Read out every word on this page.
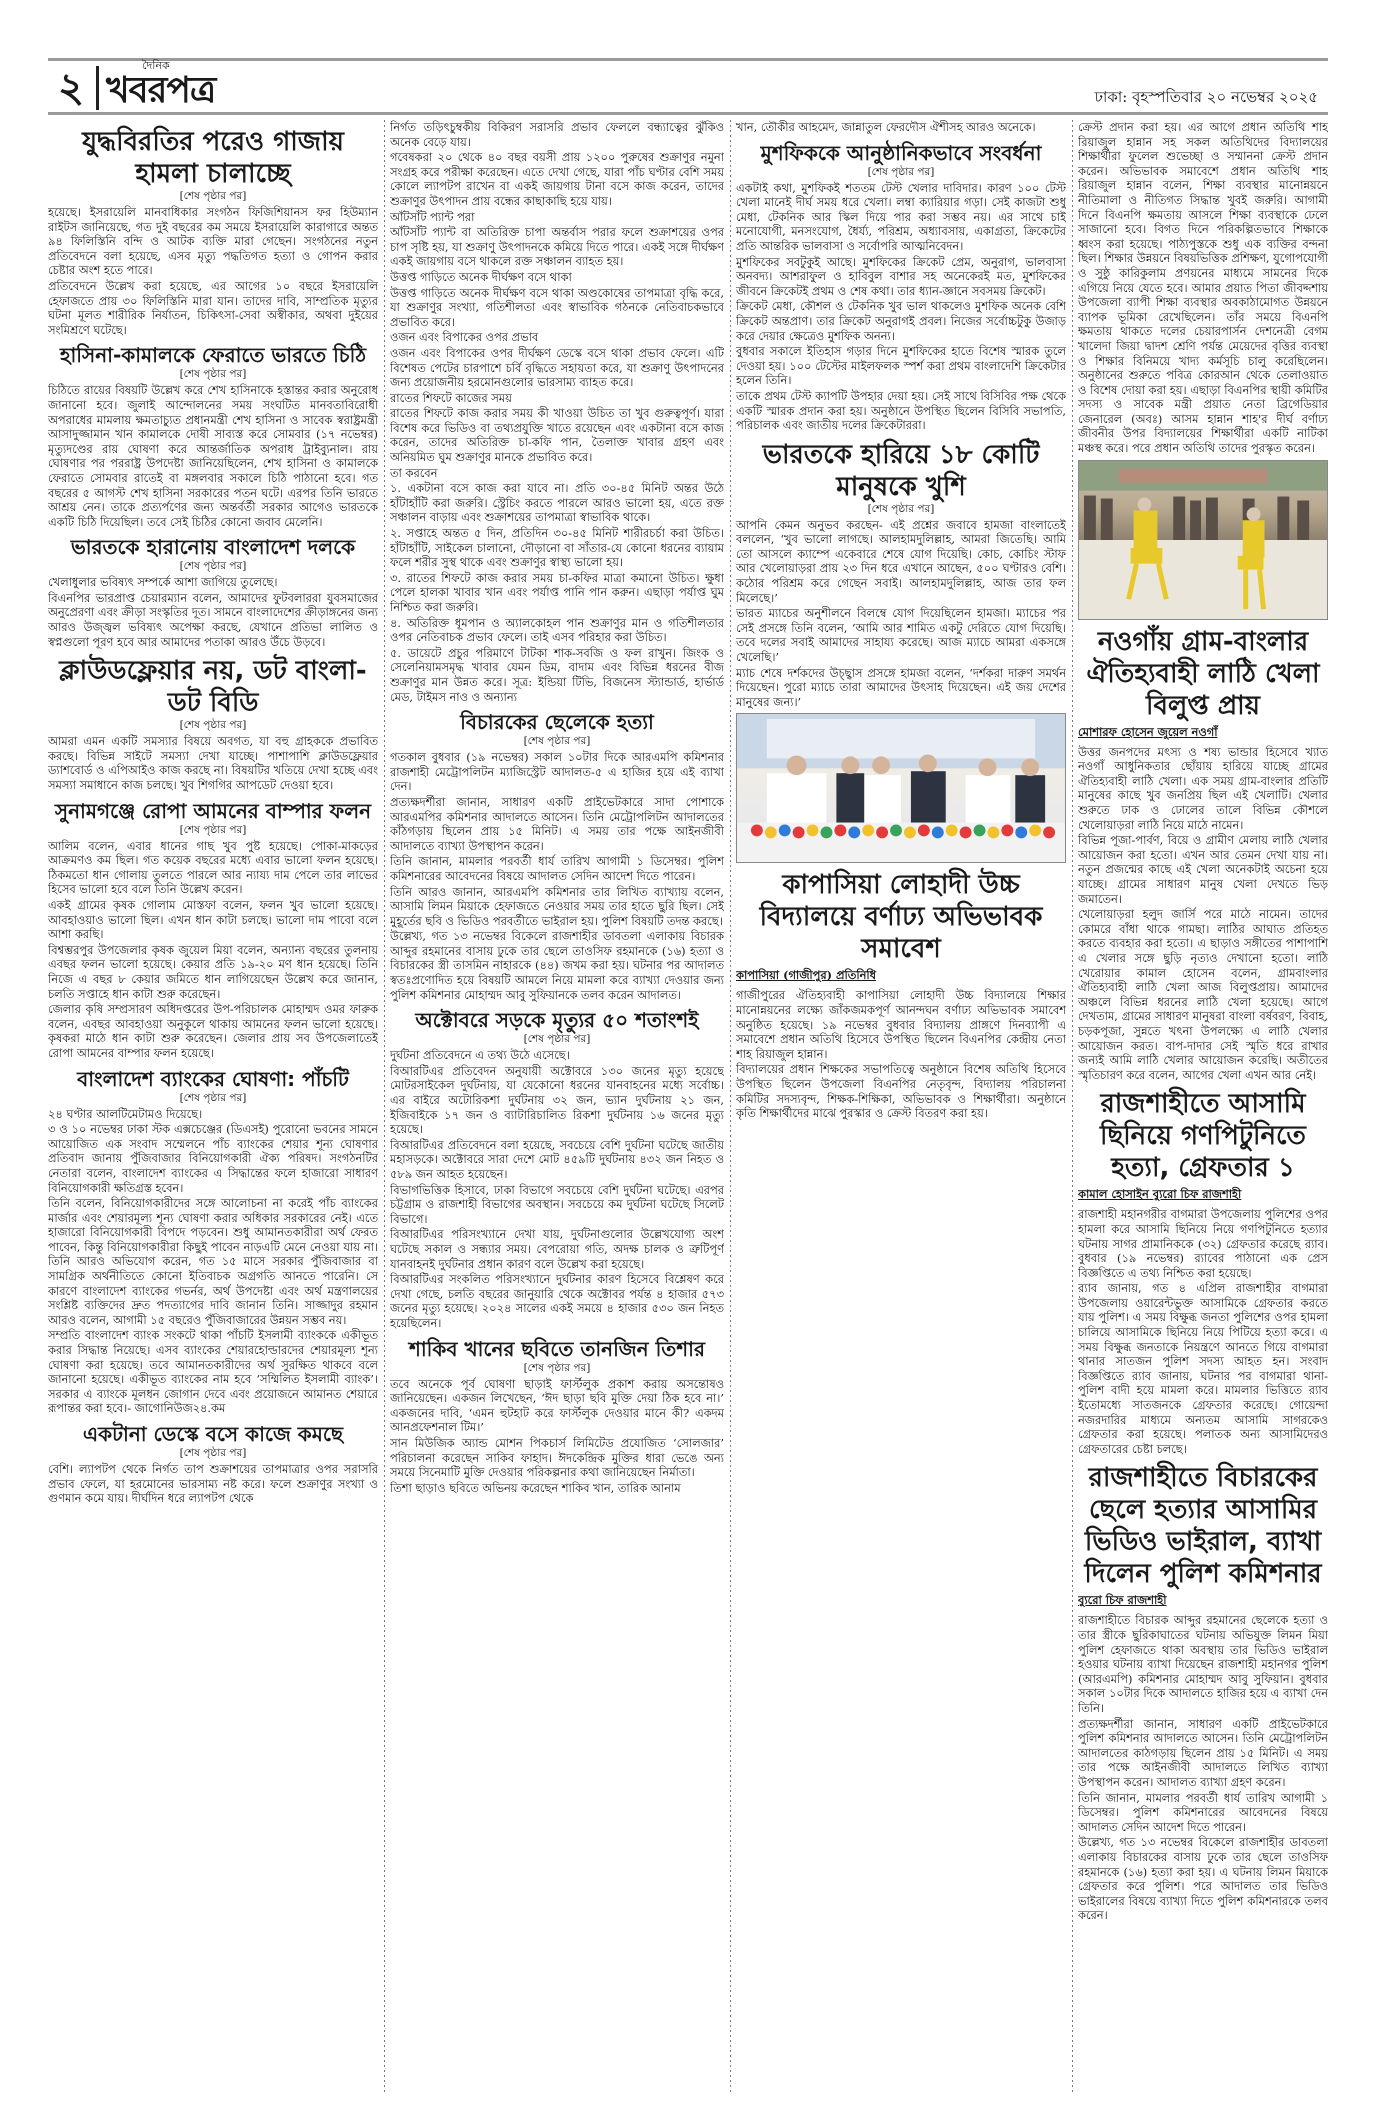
২	দৈনিক
খবরপত্র	ঢাকা: বৃহস্পতিবার ২০ নভেম্বর ২০২৫
যুদ্ধবিরতির পরেও গাজায় হামলা চালাচ্ছে
[শেষ পৃষ্ঠার পর]

হয়েছে। ইসরায়েলি মানবাধিকার সংগঠন ফিজিশিয়ানস ফর হিউম্যান রাইটস জানিয়েছে, গত দুই বছরের কম সময়ে ইসরায়েলি কারাগারে অন্তত ৯৪ ফিলিস্তিনি বন্দি ও আটক ব্যক্তি মারা গেছেন। সংগঠনের নতুন প্রতিবেদনে বলা হয়েছে, এসব মৃত্যু পদ্ধতিগত হত্যা ও গোপন করার চেষ্টার অংশ হতে পারে।

প্রতিবেদনে উল্লেখ করা হয়েছে, এর আগের ১০ বছরে ইসরায়েলি হেফাজতে প্রায় ৩০ ফিলিস্তিনি মারা যান। তাদের দাবি, সাম্প্রতিক মৃত্যুর ঘটনা মূলত শারীরিক নির্যাতন, চিকিৎসা-সেবা অস্বীকার, অথবা দুইয়ের সংমিশ্রণে ঘটেছে।

হাসিনা-কামালকে ফেরাতে ভারতে চিঠি
[শেষ পৃষ্ঠার পর]

চিঠিতে রায়ের বিষয়টি উল্লেখ করে শেখ হাসিনাকে হস্তান্তর করার অনুরোধ জানানো হবে। জুলাই আন্দোলনের সময় সংঘটিত মানবতাবিরোধী অপরাধের মামলায় ক্ষমতাচ্যুত প্রধানমন্ত্রী শেখ হাসিনা ও সাবেক স্বরাষ্ট্রমন্ত্রী আসাদুজ্জামান খান কামালকে দোষী সাব্যস্ত করে সোমবার (১৭ নভেম্বর) মৃত্যুদণ্ডের রায় ঘোষণা করে আন্তর্জাতিক অপরাধ ট্রাইব্যুনাল। রায় ঘোষণার পর পররাষ্ট্র উপদেষ্টা জানিয়েছিলেন, শেখ হাসিনা ও কামালকে ফেরাতে সোমবার রাতেই বা মঙ্গলবার সকালে চিঠি পাঠানো হবে। গত বছরের ৫ আগস্ট শেখ হাসিনা সরকারের পতন ঘটে। এরপর তিনি ভারতে আশ্রয় নেন। তাকে প্রত্যর্পণের জন্য অন্তর্বর্তী সরকার আগেও ভারতকে একটি চিঠি দিয়েছিল। তবে সেই চিঠির কোনো জবাব মেলেনি।

ভারতকে হারানোয় বাংলাদেশ দলকে
[শেষ পৃষ্ঠার পর]

খেলাধুলার ভবিষ্যৎ সম্পর্কে আশা জাগিয়ে তুলেছে।

বিএনপির ভারপ্রাপ্ত চেয়ারম্যান বলেন, আমাদের ফুটবলাররা যুবসমাজের অনুপ্রেরণা এবং ক্রীড়া সংস্কৃতির দূত। সামনে বাংলাদেশের ক্রীড়াঙ্গনের জন্য আরও উজ্জ্বল ভবিষ্যৎ অপেক্ষা করছে, যেখানে প্রতিভা লালিত ও স্বপ্নগুলো পূরণ হবে আর আমাদের পতাকা আরও উঁচে উড়বে।

ক্লাউডফ্লেয়ার নয়, ডট বাংলা-ডট বিডি
[শেষ পৃষ্ঠার পর]

আমরা এমন একটি সমস্যার বিষয়ে অবগত, যা বহু গ্রাহককে প্রভাবিত করছে। বিভিন্ন সাইটে সমস্যা দেখা যাচ্ছে। পাশাপাশি ক্লাউডফ্লেয়ার ড্যাশবোর্ড ও এপিআইও কাজ করছে না। বিষয়টির খতিয়ে দেখা হচ্ছে এবং সমস্যা সমাধানে কাজ চলছে। খুব শিগগির আপডেট দেওয়া হবে।

সুনামগঞ্জে রোপা আমনের বাম্পার ফলন
[শেষ পৃষ্ঠার পর]

আলিম বলেন, এবার ধানের গাছ খুব পুষ্ট হয়েছে। পোকা-মাকড়ের আক্রমণও কম ছিল। গত কয়েক বছরের মধ্যে এবার ভালো ফলন হয়েছে। ঠিকমতো ধান গোলায় তুলতে পারলে আর ন্যায্য দাম পেলে তার লাভের হিসেব ভালো হবে বলে তিনি উল্লেখ করেন।

একই গ্রামের কৃষক গোলাম মোস্তফা বলেন, ফলন খুব ভালো হয়েছে। আবহাওয়াও ভালো ছিল। এখন ধান কাটা চলছে। ভালো দাম পাবো বলে আশা করছি।

বিশ্বম্ভরপুর উপজেলার কৃষক জুয়েল মিয়া বলেন, অন্যান্য বছরের তুলনায় এবছর ফলন ভালো হয়েছে। কেয়ার প্রতি ১৯-২০ মণ ধান হয়েছে। তিনি নিজে এ বছর ৮ কেয়ার জমিতে ধান লাগিয়েছেন উল্লেখ করে জানান, চলতি সপ্তাহে ধান কাটা শুরু করেছেন।

জেলার কৃষি সম্প্রসারণ অধিদপ্তরের উপ-পরিচালক মোহাম্মদ ওমর ফারুক বলেন, এবছর আবহাওয়া অনুকূলে থাকায় আমনের ফলন ভালো হয়েছে। কৃষকরা মাঠে ধান কাটা শুরু করেছেন। জেলার প্রায় সব উপজেলাতেই রোপা আমনের বাম্পার ফলন হয়েছে।

বাংলাদেশ ব্যাংকের ঘোষণা: পাঁচটি
[শেষ পৃষ্ঠার পর]

২৪ ঘণ্টার আলটিমেটামও দিয়েছে।

৩ ও ১০ নভেম্বর ঢাকা স্টক এক্সচেঞ্জের (ডিএসই) পুরোনো ভবনের সামনে আয়োজিত এক সংবাদ সম্মেলনে পাঁচ ব্যাংকের শেয়ার শূন্য ঘোষণার প্রতিবাদ জানায় পুঁজিবাজার বিনিয়োগকারী ঐক্য পরিষদ। সংগঠনটির নেতারা বলেন, বাংলাদেশ ব্যাংকের এ সিদ্ধান্তের ফলে হাজারো সাধারণ বিনিয়োগকারী ক্ষতিগ্রস্ত হবেন।

তিনি বলেন, বিনিয়োগকারীদের সঙ্গে আলোচনা না করেই পাঁচ ব্যাংকের মার্জার এবং শেয়ারমূল্য শূন্য ঘোষণা করার অধিকার সরকারের নেই। এতে হাজারো বিনিয়োগকারী বিপদে পড়বেন। শুধু আমানতকারীরা অর্থ ফেরত পাবেন, কিন্তু বিনিয়োগকারীরা কিছুই পাবেন নাড়এটি মেনে নেওয়া যায় না। তিনি আরও অভিযোগ করেন, গত ১৫ মাসে সরকার পুঁজিবাজার বা সামগ্রিক অর্থনীতিতে কোনো ইতিবাচক অগ্রগতি আনতে পারেনি। সে কারণে বাংলাদেশ ব্যাংকের গভর্নর, অর্থ উপদেষ্টা এবং অর্থ মন্ত্রণালয়ের সংশ্লিষ্ট ব্যক্তিদের দ্রুত পদত্যাগের দাবি জানান তিনি। সাজ্জাদুর রহমান আরও বলেন, আগামী ১৫ বছরেও পুঁজিবাজারের উন্নয়ন সম্ভব নয়।

সম্প্রতি বাংলাদেশ ব্যাংক সংকটে থাকা পাঁচটি ইসলামী ব্যাংককে একীভূত করার সিদ্ধান্ত নিয়েছে। এসব ব্যাংকের শেয়ারহোল্ডারদের শেয়ারমূল্য শূন্য ঘোষণা করা হয়েছে। তবে আমানতকারীদের অর্থ সুরক্ষিত থাকবে বলে জানানো হয়েছে। একীভূত ব্যাংকের নাম হবে ‘সম্মিলিত ইসলামী ব্যাংক’। সরকার এ ব্যাংকে মূলধন জোগান দেবে এবং প্রয়োজনে আমানত শেয়ারে রূপান্তর করা হবে।- জাগোনিউজ২৪.কম

একটানা ডেস্কে বসে কাজে কমছে
[শেষ পৃষ্ঠার পর]

বেশি। ল্যাপটপ থেকে নির্গত তাপ শুক্রাশয়ের তাপমাত্রার ওপর সরাসরি প্রভাব ফেলে, যা হরমোনের ভারসাম্য নষ্ট করে। ফলে শুক্রাণুর সংখ্যা ও গুণমান কমে যায়। দীর্ঘদিন ধরে ল্যাপটপ থেকে

নির্গত তড়িৎচুম্বকীয় বিকিরণ সরাসরি প্রভাব ফেললে বন্ধ্যাত্বের ঝুঁকিও অনেক বেড়ে যায়।

গবেষকরা ২০ থেকে ৪০ বছর বয়সী প্রায় ১২০০ পুরুষের শুক্রাণুর নমুনা সংগ্রহ করে পরীক্ষা করেছেন। এতে দেখা গেছে, যারা পাঁচ ঘণ্টার বেশি সময় কোলে ল্যাপটপ রাখেন বা একই জায়গায় টানা বসে কাজ করেন, তাদের শুক্রাণুর উৎপাদন প্রায় বন্ধের কাছাকাছি হয়ে যায়।

আঁটসাঁট প্যান্ট পরা

আঁটসাঁট প্যান্ট বা অতিরিক্ত চাপা অন্তর্বাস পরার ফলে শুক্রাশয়ের ওপর চাপ সৃষ্টি হয়, যা শুক্রাণু উৎপাদনকে কমিয়ে দিতে পারে। একই সঙ্গে দীর্ঘক্ষণ একই জায়গায় বসে থাকলে রক্ত সঞ্চালন ব্যাহত হয়।

উত্তপ্ত গাড়িতে অনেক দীর্ঘক্ষণ বসে থাকা

উত্তপ্ত গাড়িতে অনেক দীর্ঘক্ষণ বসে থাকা অণ্ডকোষের তাপমাত্রা বৃদ্ধি করে, যা শুক্রাণুর সংখ্যা, গতিশীলতা এবং স্বাভাবিক গঠনকে নেতিবাচকভাবে প্রভাবিত করে।

ওজন এবং বিপাকের ওপর প্রভাব

ওজন এবং বিপাকের ওপর দীর্ঘক্ষণ ডেস্কে বসে থাকা প্রভাব ফেলে। এটি বিশেষত পেটের চারপাশে চর্বি বৃদ্ধিতে সহায়তা করে, যা শুক্রাণু উৎপাদনের জন্য প্রয়োজনীয় হরমোনগুলোর ভারসাম্য ব্যাহত করে।

রাতের শিফটে কাজের সময়

রাতের শিফটে কাজ করার সময় কী খাওয়া উচিত তা খুব গুরুত্বপূর্ণ। যারা বিশেষ করে ভিডিও বা তথ্যপ্রযুক্তি খাতে রয়েছেন এবং একটানা বসে কাজ করেন, তাদের অতিরিক্ত চা-কফি পান, তৈলাক্ত খাবার গ্রহণ এবং অনিয়মিত ঘুম শুক্রাণুর মানকে প্রভাবিত করে।

তা করবেন

১. একটানা বসে কাজ করা যাবে না। প্রতি ৩০-৪৫ মিনিট অন্তর উঠে হাঁটাহাঁটি করা জরুরি। স্ট্রেচিং করতে পারলে আরও ভালো হয়, এতে রক্ত সঞ্চালন বাড়ায় এবং শুক্রাশয়ের তাপমাত্রা স্বাভাবিক থাকে।

২. সপ্তাহে অন্তত ৫ দিন, প্রতিদিন ৩০-৪৫ মিনিট শারীরচর্চা করা উচিত। হাঁটাহাঁটি, সাইকেল চালানো, দৌড়ানো বা সাঁতার-যে কোনো ধরনের ব্যায়াম ফলে শরীর সুস্থ থাকে এবং শুক্রাণুর স্বাস্থ্য ভালো হয়।

৩. রাতের শিফটে কাজ করার সময় চা-কফির মাত্রা কমানো উচিত। ক্ষুধা পেলে হালকা খাবার খান এবং পর্যাপ্ত পানি পান করুন। এছাড়া পর্যাপ্ত ঘুম নিশ্চিত করা জরুরি।

৪. অতিরিক্ত ধূমপান ও অ্যালকোহল পান শুক্রাণুর মান ও গতিশীলতার ওপর নেতিবাচক প্রভাব ফেলে। তাই এসব পরিহার করা উচিত।

৫. ডায়েটে প্রচুর পরিমাণে টাটকা শাক-সবজি ও ফল রাখুন। জিংক ও সেলেনিয়ামসমৃদ্ধ খাবার যেমন ডিম, বাদাম এবং বিভিন্ন ধরনের বীজ শুক্রাণুর মান উন্নত করে। সূত্র: ইন্ডিয়া টিভি, বিজনেস স্ট্যান্ডার্ড, হার্ভার্ড মেড, টাইমস নাও ও অন্যান্য

বিচারকের ছেলেকে হত্যা
[শেষ পৃষ্ঠার পর]

গতকাল বুধবার (১৯ নভেম্বর) সকাল ১০টার দিকে আরএমপি কমিশনার রাজশাহী মেট্রোপলিটন ম্যাজিস্ট্রেট আদালত-৫ এ হাজির হয়ে এই ব্যাখা দেন।

প্রত্যক্ষদর্শীরা জানান, সাধারণ একটি প্রাইভেটকারে সাদা পোশাকে আরএমপির কমিশনার আদালতে আসেন। তিনি মেট্রোপলিটন আদালতের কাঁঠগড়ায় ছিলেন প্রায় ১৫ মিনিট। এ সময় তার পক্ষে আইনজীবী আদালতে ব্যাখ্যা উপস্থাপন করেন।

তিনি জানান, মামলার পরবর্তী ধার্য তারিখ আগামী ১ ডিসেম্বর। পুলিশ কমিশনারের আবেদনের বিষয়ে আদালত সেদিন আদেশ দিতে পারেন।

তিনি আরও জানান, আরএমপি কমিশনার তার লিখিত ব্যাখ্যায় বলেন, আসামি লিমন মিয়াকে হেফাজতে নেওয়ার সময় তার হাতে ছুরি ছিল। সেই মুহূর্তের ছবি ও ভিডিও পরবর্তীতে ভাইরাল হয়। পুলিশ বিষয়টি তদন্ত করছে।

উল্লেখ্য, গত ১৩ নভেম্বর বিকেলে রাজশাহীর ডাবতলা এলাকায় বিচারক আব্দুর রহমানের বাসায় ঢুকে তার ছেলে তাওসিফ রহমানকে (১৬) হত্যা ও বিচারকের স্ত্রী তাসমিন নাহারকে (৪৪) জখম করা হয়। ঘটনার পর আদালত স্বতঃপ্রণোদিত হয়ে বিষয়টি আমলে নিয়ে মামলা করে ব্যাখ্যা দেওয়ার জন্য পুলিশ কমিশনার মোহাম্মদ আবু সুফিয়ানকে তলব করেন আদালত।

অক্টোবরে সড়কে মৃত্যুর ৫০ শতাংশই
[শেষ পৃষ্ঠার পর]

দুর্ঘটনা প্রতিবেদনে এ তথ্য উঠে এসেছে।

বিআরটিএর প্রতিবেদন অনুযায়ী অক্টোবরে ১৩০ জনের মৃত্যু হয়েছে মোটরসাইকেল দুর্ঘটনায়, যা যেকোনো ধরনের যানবাহনের মধ্যে সর্বোচ্চ। এর বাইরে অটোরিকশা দুর্ঘটনায় ৩২ জন, ভ্যান দুর্ঘটনায় ২১ জন, ইজিবাইকে ১৭ জন ও ব্যাটারিচালিত রিকশা দুর্ঘটনায় ১৬ জনের মৃত্যু হয়েছে।

বিআরটিএর প্রতিবেদনে বলা হয়েছে, সবচেয়ে বেশি দুর্ঘটনা ঘটেছে জাতীয় মহাসড়কে। অক্টোবরে সারা দেশে মোট ৪৫৯টি দুর্ঘটনায় ৪৩২ জন নিহত ও ৫৮৯ জন আহত হয়েছেন।

বিভাগভিত্তিক হিসাবে, ঢাকা বিভাগে সবচেয়ে বেশি দুর্ঘটনা ঘটেছে। এরপর চট্টগ্রাম ও রাজশাহী বিভাগের অবস্থান। সবচেয়ে কম দুর্ঘটনা ঘটেছে সিলেট বিভাগে।

বিআরটিএর পরিসংখ্যানে দেখা যায়, দুর্ঘটনাগুলোর উল্লেখযোগ্য অংশ ঘটেছে সকাল ও সন্ধ্যার সময়। বেপরোয়া গতি, অদক্ষ চালক ও ত্রুটিপূর্ণ যানবাহনই দুর্ঘটনার প্রধান কারণ বলে উল্লেখ করা হয়েছে।

বিআরটিএর সংকলিত পরিসংখ্যানে দুর্ঘটনার কারণ হিসেবে বিশ্লেষণ করে দেখা গেছে, চলতি বছরের জানুয়ারি থেকে অক্টোবর পর্যন্ত ৪ হাজার ৫৭৩ জনের মৃত্যু হয়েছে। ২০২৪ সালের একই সময়ে ৪ হাজার ৫৩০ জন নিহত হয়েছিলেন।

শাকিব খানের ছবিতে তানজিন তিশার
[শেষ পৃষ্ঠার পর]

তবে অনেকে পূর্ব ঘোষণা ছাড়াই ফার্স্টলুক প্রকাশ করায় অসন্তোষও জানিয়েছেন। একজন লিখেছেন, ‘ঈদ ছাড়া ছবি মুক্তি দেয়া ঠিক হবে না।’ একজনের দাবি, ‘এমন হুটহাট করে ফার্স্টলুক দেওয়ার মানে কী? একদম আনপ্রফেশনাল টিম।’

সান মিউজিক অ্যান্ড মোশন পিকচার্স লিমিটেড প্রযোজিত ‘সোলজার’ পরিচালনা করেছেন সাকিব ফাহাদ। ঈদকেন্দ্রিক মুক্তির ধারা ভেঙে অন্য সময়ে সিনেমাটি মুক্তি দেওয়ার পরিকল্পনার কথা জানিয়েছেন নির্মাতা।

তিশা ছাড়াও ছবিতে অভিনয় করেছেন শাকিব খান, তারিক আনাম

খান, তৌকীর আহমেদ, জান্নাতুল ফেরদৌস ঐশীসহ আরও অনেকে।

মুশফিককে আনুষ্ঠানিকভাবে সংবর্ধনা
[শেষ পৃষ্ঠার পর]

একটাই কথা, মুশফিকই শততম টেস্ট খেলার দাবিদার। কারণ ১০০ টেস্ট খেলা মানেই দীর্ঘ সময় ধরে খেলা। লম্বা ক্যারিয়ার গড়া। সেই কাজটা শুধু মেধা, টেকনিক আর স্কিল দিয়ে পার করা সম্ভব নয়। এর সাথে চাই মনোযোগী, মনসংযোগ, ধৈর্য্য, পরিশ্রম, অধ্যাবসায়, একাগ্রতা, ক্রিকেটের প্রতি আন্তরিক ভালবাসা ও সর্বোপরি আত্মনিবেদন।

মুশফিকের সবটুকুই আছে। মুশফিকের ক্রিকেট প্রেম, অনুরাগ, ভালবাসা অনবদ্য। আশরাফুল ও হাবিবুল বাশার সহ অনেকেরই মত, মুশফিকের জীবনে ক্রিকেটই প্রথম ও শেষ কথা। তার ধ্যান-জ্ঞানে সবসময় ক্রিকেট।

ক্রিকেট মেধা, কৌশল ও টেকনিক খুব ভাল থাকলেও মুশফিক অনেক বেশি ক্রিকেট অন্তপ্রাণ। তার ক্রিকেট অনুরাগই প্রবল। নিজের সর্বোচ্চটুকু উজাড় করে দেয়ার ক্ষেত্রেও মুশফিক অনন্য।

বুধবার সকালে ইতিহাস গড়ার দিনে মুশফিকের হাতে বিশেষ স্মারক তুলে দেওয়া হয়। ১০০ টেস্টের মাইলফলক স্পর্শ করা প্রথম বাংলাদেশি ক্রিকেটার হলেন তিনি।

তাকে প্রথম টেস্ট ক্যাপটি উপহার দেয়া হয়। সেই সাথে বিসিবির পক্ষ থেকে একটি স্মারক প্রদান করা হয়। অনুষ্ঠানে উপস্থিত ছিলেন বিসিবি সভাপতি, পরিচালক এবং জাতীয় দলের ক্রিকেটাররা।

ভারতকে হারিয়ে ১৮ কোটি মানুষকে খুশি
[শেষ পৃষ্ঠার পর]

আপনি কেমন অনুভব করছেন- এই প্রশ্নের জবাবে হামজা বাংলাতেই বললেন, ‘খুব ভালো লাগছে। আলহামদুলিল্লাহ, আমরা জিতেছি। আমি তো আসলে ক্যাম্পে একেবারে শেষে যোগ দিয়েছি। কোচ, কোচিং স্টাফ আর খেলোয়াড়রা প্রায় ২৩ দিন ধরে এখানে আছেন, ৫০০ ঘণ্টারও বেশি। কঠোর পরিশ্রম করে গেছেন সবাই। আলহামদুলিল্লাহ, আজ তার ফল মিলেছে।’

ভারত ম্যাচের অনুশীলনে বিলম্বে যোগ দিয়েছিলেন হামজা। ম্যাচের পর সেই প্রসঙ্গে তিনি বলেন, ‘আমি আর শামিত একটু দেরিতে যোগ দিয়েছি। তবে দলের সবাই আমাদের সাহায্য করেছে। আজ ম্যাচে আমরা একসঙ্গে খেলেছি।’

ম্যাচ শেষে দর্শকদের উচ্ছ্বাস প্রসঙ্গে হামজা বলেন, ‘দর্শকরা দারুণ সমর্থন দিয়েছেন। পুরো ম্যাচে তারা আমাদের উৎসাহ দিয়েছেন। এই জয় দেশের মানুষের জন্য।’

কাপাসিয়া লোহাদী উচ্চ বিদ্যালয়ে বর্ণাঢ্য অভিভাবক সমাবেশ
কাপাসিয়া (গাজীপুর) প্রতিনিধি

গাজীপুরের ঐতিহ্যবাহী কাপাসিয়া লোহাদী উচ্চ বিদ্যালয়ে শিক্ষার মানোন্নয়নের লক্ষ্যে জাঁকজমকপূর্ণ আনন্দঘন বর্ণাঢ্য অভিভাবক সমাবেশ অনুষ্ঠিত হয়েছে। ১৯ নভেম্বর বুধবার বিদ্যালয় প্রাঙ্গণে দিনব্যাপী এ সমাবেশে প্রধান অতিথি হিসেবে উপস্থিত ছিলেন বিএনপির কেন্দ্রীয় নেতা শাহ রিয়াজুল হান্নান।

বিদ্যালয়ের প্রধান শিক্ষকের সভাপতিত্বে অনুষ্ঠানে বিশেষ অতিথি হিসেবে উপস্থিত ছিলেন উপজেলা বিএনপির নেতৃবৃন্দ, বিদ্যালয় পরিচালনা কমিটির সদস্যবৃন্দ, শিক্ষক-শিক্ষিকা, অভিভাবক ও শিক্ষার্থীরা। অনুষ্ঠানে কৃতি শিক্ষার্থীদের মাঝে পুরস্কার ও ক্রেস্ট বিতরণ করা হয়।

ক্রেস্ট প্রদান করা হয়। এর আগে প্রধান অতিথি শাহ রিয়াজুল হান্নান সহ সকল অতিথিদের বিদ্যালয়ের শিক্ষার্থীরা ফুলেল শুভেচ্ছা ও সম্মাননা ক্রেস্ট প্রদান করেন। অভিভাবক সমাবেশে প্রধান অতিথি শাহ রিয়াজুল হান্নান বলেন, শিক্ষা ব্যবস্থার মানোন্নয়নে নীতিমালা ও নীতিগত সিদ্ধান্ত খুবই জরুরি। আগামী দিনে বিএনপি ক্ষমতায় আসলে শিক্ষা ব্যবস্থাকে ঢেলে সাজানো হবে। বিগত দিনে পরিকল্পিতভাবে শিক্ষাকে ধ্বংস করা হয়েছে। পাঠ্যপুস্তকে শুধু এক ব্যক্তির বন্দনা ছিল। শিক্ষার উন্নয়নে বিষয়ভিত্তিক প্রশিক্ষণ, যুগোপযোগী ও সুষ্ঠু কারিকুলাম প্রণয়নের মাধ্যমে সামনের দিকে এগিয়ে নিয়ে যেতে হবে। আমার প্রয়াত পিতা জীবদ্দশায় উপজেলা ব্যাপী শিক্ষা ব্যবস্থার অবকাঠামোগত উন্নয়নে ব্যাপক ভূমিকা রেখেছিলেন। তাঁর সময়ে বিএনপি ক্ষমতায় থাকতে দলের চেয়ারপার্সন দেশনেত্রী বেগম খালেদা জিয়া দ্বাদশ শ্রেণি পর্যন্ত মেয়েদের বৃত্তির ব্যবস্থা ও শিক্ষার বিনিময়ে খাদ্য কর্মসূচি চালু করেছিলেন। অনুষ্ঠানের শুরুতে পবিত্র কোরআন থেকে তেলাওয়াত ও বিশেষ দোয়া করা হয়। এছাড়া বিএনপির স্থায়ী কমিটির সদস্য ও সাবেক মন্ত্রী প্রয়াত নেতা ব্রিগেডিয়ার জেনারেল (অবঃ) আসম হান্নান শাহ'র দীর্ঘ বর্ণাঢ্য জীবনীর উপর বিদ্যালয়ের শিক্ষার্থীরা একটি নাটিকা মঞ্চস্থ করে। পরে প্রধান অতিথি তাদের পুরস্কৃত করেন।

নওগাঁয় গ্রাম-বাংলার ঐতিহ্যবাহী লাঠি খেলা বিলুপ্ত প্রায়
মোশারফ হোসেন জুয়েল নওগাঁ

উত্তর জনপদের মৎস্য ও শষ্য ভান্ডার হিসেবে খ্যাত নওগাঁ আধুনিকতার ছোঁয়ায় হারিয়ে যাচ্ছে গ্রামের ঐতিহ্যবাহী লাঠি খেলা। এক সময় গ্রাম-বাংলার প্রতিটি মানুষের কাছে খুব জনপ্রিয় ছিল এই খেলাটি। খেলার শুরুতে ঢাক ও ঢোলের তালে বিভিন্ন কৌশলে খেলোয়াড়রা লাঠি নিয়ে মাঠে নামেন।

বিভিন্ন পূজা-পার্বণ, বিয়ে ও গ্রামীণ মেলায় লাঠি খেলার আয়োজন করা হতো। এখন আর তেমন দেখা যায় না। নতুন প্রজন্মের কাছে এই খেলা অনেকটাই অচেনা হয়ে যাচ্ছে। গ্রামের সাধারণ মানুষ খেলা দেখতে ভিড় জমাতেন।

খেলোয়াড়রা হলুদ জার্সি পরে মাঠে নামেন। তাদের কোমরে বাঁধা থাকে গামছা। লাঠির আঘাত প্রতিহত করতে ব্যবহার করা হতো। এ ছাড়াও সঙ্গীতের পাশাপাশি এ খেলার সঙ্গে ছুড়ি নৃত্যও দেখানো হতো। লাঠি খেরোয়ার কামাল হোসেন বলেন, গ্রামবাংলার ঐতিহ্যবাহী লাঠি খেলা আজ বিলুপ্তপ্রায়। আমাদের অঞ্চলে বিভিন্ন ধরনের লাঠি খেলা হয়েছে। আগে দেখতাম, গ্রামের সাধারণ মানুষরা বাংলা বর্ষবরণ, বিবাহ, চড়কপূজা, সুন্নতে খৎনা উপলক্ষ্যে এ লাঠি খেলার আয়োজন করত। বাপ-দাদার সেই স্মৃতি ধরে রাখার জন্যই আমি লাঠি খেলার আয়োজন করেছি। অতীতের স্মৃতিচারণ করে বলেন, আগের খেলা এখন আর নেই।

রাজশাহীতে আসামি ছিনিয়ে গণপিটুনিতে হত্যা, গ্রেফতার ১
কামাল হোসাইন ব্যুরো চিফ রাজশাহী

রাজশাহী মহানগরীর বাগমারা উপজেলায় পুলিশের ওপর হামলা করে আসামি ছিনিয়ে নিয়ে গণপিটুনিতে হত্যার ঘটনায় সাগর প্রামানিককে (৩২) গ্রেফতার করেছে র‌্যাব। বুধবার (১৯ নভেম্বর) র‌্যাবের পাঠানো এক প্রেস বিজ্ঞপ্তিতে এ তথ্য নিশ্চিত করা হয়েছে।

র‌্যাব জানায়, গত ৪ এপ্রিল রাজশাহীর বাগমারা উপজেলায় ওয়ারেন্টভুক্ত আসামিকে গ্রেফতার করতে যায় পুলিশ। এ সময় বিক্ষুব্ধ জনতা পুলিশের ওপর হামলা চালিয়ে আসামিকে ছিনিয়ে নিয়ে পিটিয়ে হত্যা করে। এ সময় বিক্ষুব্ধ জনতাকে নিয়ন্ত্রণে আনতে গিয়ে বাগমারা থানার সাতজন পুলিশ সদস্য আহত হন। সংবাদ বিজ্ঞপ্তিতে র‌্যাব জানায়, ঘটনার পর বাগমারা থানা-পুলিশ বাদী হয়ে মামলা করে। মামলার ভিত্তিতে র‌্যাব ইতোমধ্যে সাতজনকে গ্রেফতার করেছে। গোয়েন্দা নজরদারির মাধ্যমে অন্যতম আসামি সাগরকেও গ্রেফতার করা হয়েছে। পলাতক অন্য আসামিদেরও গ্রেফতারের চেষ্টা চলছে।

রাজশাহীতে বিচারকের ছেলে হত্যার আসামির ভিডিও ভাইরাল, ব্যাখা দিলেন পুলিশ কমিশনার
ব্যুরো চিফ রাজশাহী

রাজশাহীতে বিচারক আব্দুর রহমানের ছেলেকে হত্যা ও তার স্ত্রীকে ছুরিকাঘাতের ঘটনায় অভিযুক্ত লিমন মিয়া পুলিশ হেফাজতে থাকা অবস্থায় তার ভিডিও ভাইরাল হওয়ার ঘটনায় ব্যাখা দিয়েছেন রাজশাহী মহানগর পুলিশ (আরএমপি) কমিশনার মোহাম্মদ আবু সুফিয়ান। বুধবার সকাল ১০টার দিকে আদালতে হাজির হয়ে এ ব্যাখা দেন তিনি।

প্রত্যক্ষদর্শীরা জানান, সাধারণ একটি প্রাইভেটকারে পুলিশ কমিশনার আদালতে আসেন। তিনি মেট্রোপলিটন আদালতের কাঠগড়ায় ছিলেন প্রায় ১৫ মিনিট। এ সময় তার পক্ষে আইনজীবী আদালতে লিখিত ব্যাখ্যা উপস্থাপন করেন। আদালত ব্যাখ্যা গ্রহণ করেন।

তিনি জানান, মামলার পরবর্তী ধার্য তারিখ আগামী ১ ডিসেম্বর। পুলিশ কমিশনারের আবেদনের বিষয়ে আদালত সেদিন আদেশ দিতে পারেন।

উল্লেখ্য, গত ১৩ নভেম্বর বিকেলে রাজশাহীর ডাবতলা এলাকায় বিচারকের বাসায় ঢুকে তার ছেলে তাওসিফ রহমানকে (১৬) হত্যা করা হয়। এ ঘটনায় লিমন মিয়াকে গ্রেফতার করে পুলিশ। পরে আদালত তার ভিডিও ভাইরালের বিষয়ে ব্যাখ্যা দিতে পুলিশ কমিশনারকে তলব করেন।
